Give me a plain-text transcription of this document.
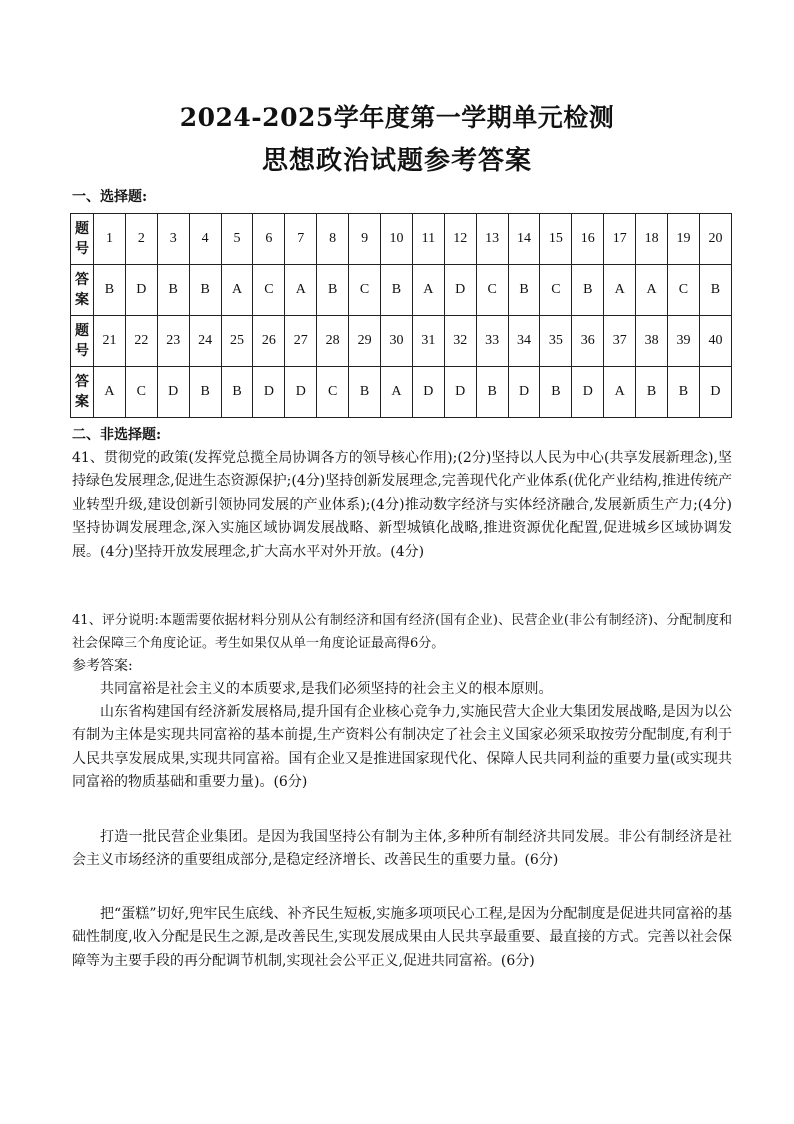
2024-2025学年度第一学期单元检测
思想政治试题参考答案
一、选择题:
题
号	1	2	3	4	5	6	7	8	9	10	11	12	13	14	15	16	17	18	19	20
答
案	B	D	B	B	A	C	A	B	C	B	A	D	C	B	C	B	A	A	C	B
题
号	21	22	23	24	25	26	27	28	29	30	31	32	33	34	35	36	37	38	39	40
答
案	A	C	D	B	B	D	D	C	B	A	D	D	B	D	B	D	A	B	B	D
二、非选择题:
41、贯彻党的政策(发挥党总揽全局协调各方的领导核心作用);(2分)坚持以人民为中心(共享发展新理念),坚持绿色发展理念,促进生态资源保护;(4分)坚持创新发展理念,完善现代化产业体系(优化产业结构,推进传统产业转型升级,建设创新引领协同发展的产业体系);(4分)推动数字经济与实体经济融合,发展新质生产力;(4分)坚持协调发展理念,深入实施区域协调发展战略、新型城镇化战略,推进资源优化配置,促进城乡区域协调发展。(4分)坚持开放发展理念,扩大高水平对外开放。(4分)
41、评分说明:本题需要依据材料分别从公有制经济和国有经济(国有企业)、民营企业(非公有制经济)、分配制度和社会保障三个角度论证。考生如果仅从单一角度论证最高得6分。
参考答案:
共同富裕是社会主义的本质要求,是我们必须坚持的社会主义的根本原则。
山东省构建国有经济新发展格局,提升国有企业核心竞争力,实施民营大企业大集团发展战略,是因为以公有制为主体是实现共同富裕的基本前提,生产资料公有制决定了社会主义国家必须采取按劳分配制度,有利于人民共享发展成果,实现共同富裕。国有企业又是推进国家现代化、保障人民共同利益的重要力量(或实现共同富裕的物质基础和重要力量)。(6分)
打造一批民营企业集团。是因为我国坚持公有制为主体,多种所有制经济共同发展。非公有制经济是社会主义市场经济的重要组成部分,是稳定经济增长、改善民生的重要力量。(6分)
把“蛋糕”切好,兜牢民生底线、补齐民生短板,实施多项项民心工程,是因为分配制度是促进共同富裕的基础性制度,收入分配是民生之源,是改善民生,实现发展成果由人民共享最重要、最直接的方式。完善以社会保障等为主要手段的再分配调节机制,实现社会公平正义,促进共同富裕。(6分)
